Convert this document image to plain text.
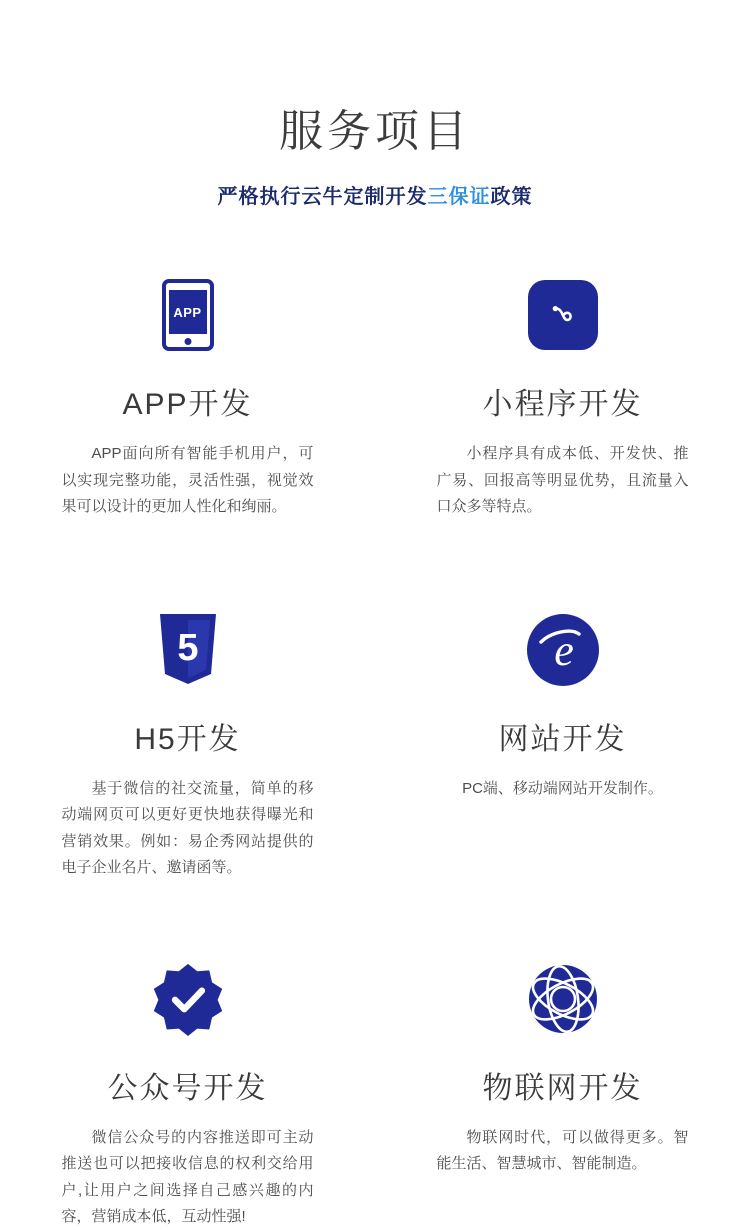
服务项目

严格执行云牛定制开发三保证政策

APP
APP开发

APP面向所有智能手机用户，可以实现完整功能，灵活性强，视觉效果可以设计的更加人性化和绚丽。

小程序开发

小程序具有成本低、开发快、推广易、回报高等明显优势，且流量入口众多等特点。

5
H5开发

基于微信的社交流量，简单的移动端网页可以更好更快地获得曝光和营销效果。例如：易企秀网站提供的电子企业名片、邀请函等。

e
网站开发

PC端、移动端网站开发制作。

公众号开发

微信公众号的内容推送即可主动推送也可以把接收信息的权利交给用户,让用户之间选择自己感兴趣的内容，营销成本低，互动性强!

物联网开发

物联网时代，可以做得更多。智能生活、智慧城市、智能制造。
